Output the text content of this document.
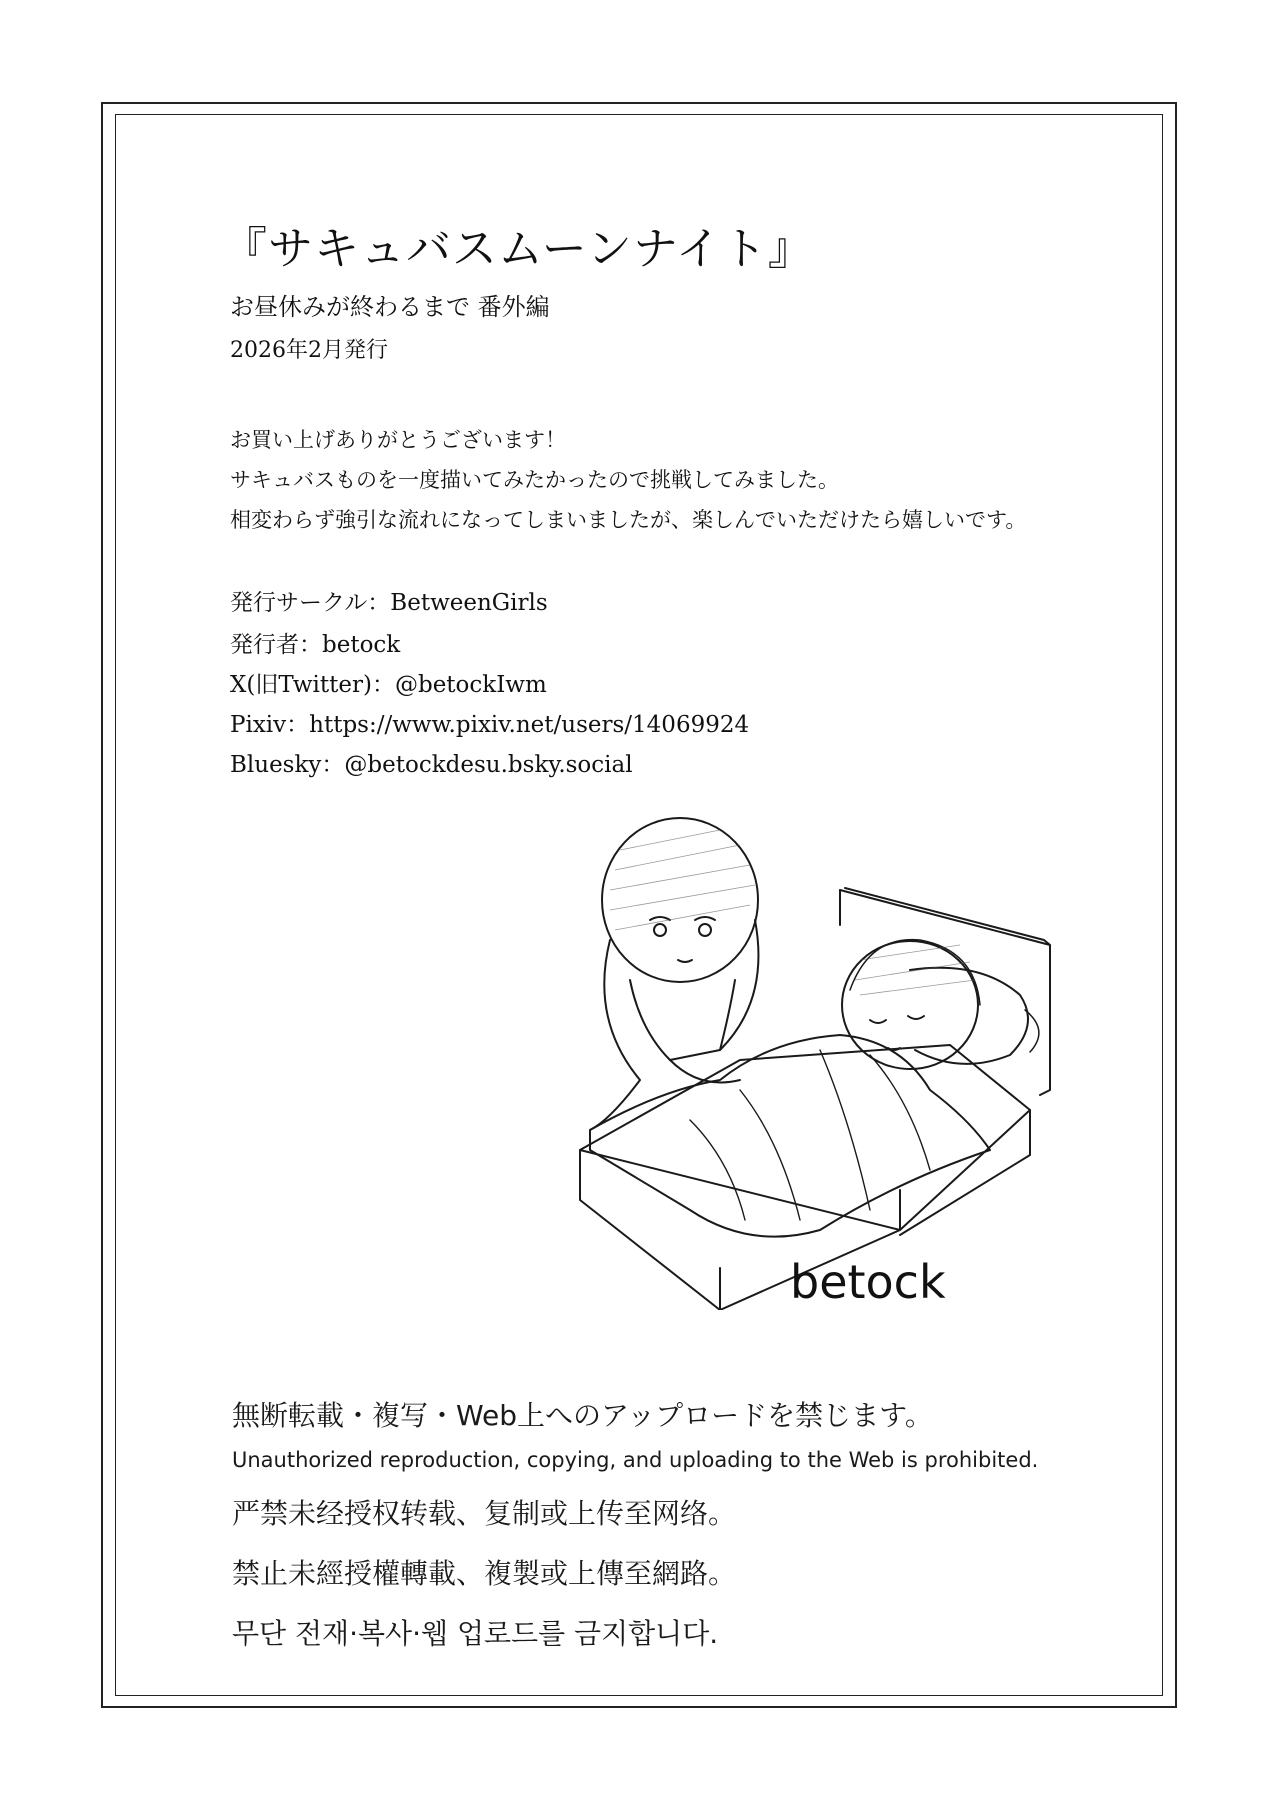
『サキュバスムーンナイト』
お昼休みが終わるまで 番外編
2026年2月発行
お買い上げありがとうございます！
サキュバスものを一度描いてみたかったので挑戦してみました。
相変わらず強引な流れになってしまいましたが、楽しんでいただけたら嬉しいです。
発行サークル：BetweenGirls
発行者：betock
X(旧Twitter)：@betockIwm
Pixiv：https://www.pixiv.net/users/14069924
Bluesky：@betockdesu.bsky.social
betock
無断転載・複写・Web上へのアップロードを禁じます。
Unauthorized reproduction, copying, and uploading to the Web is prohibited.
严禁未经授权转载、复制或上传至网络。
禁止未經授權轉載、複製或上傳至網路。
무단 전재·복사·웹 업로드를 금지합니다.
